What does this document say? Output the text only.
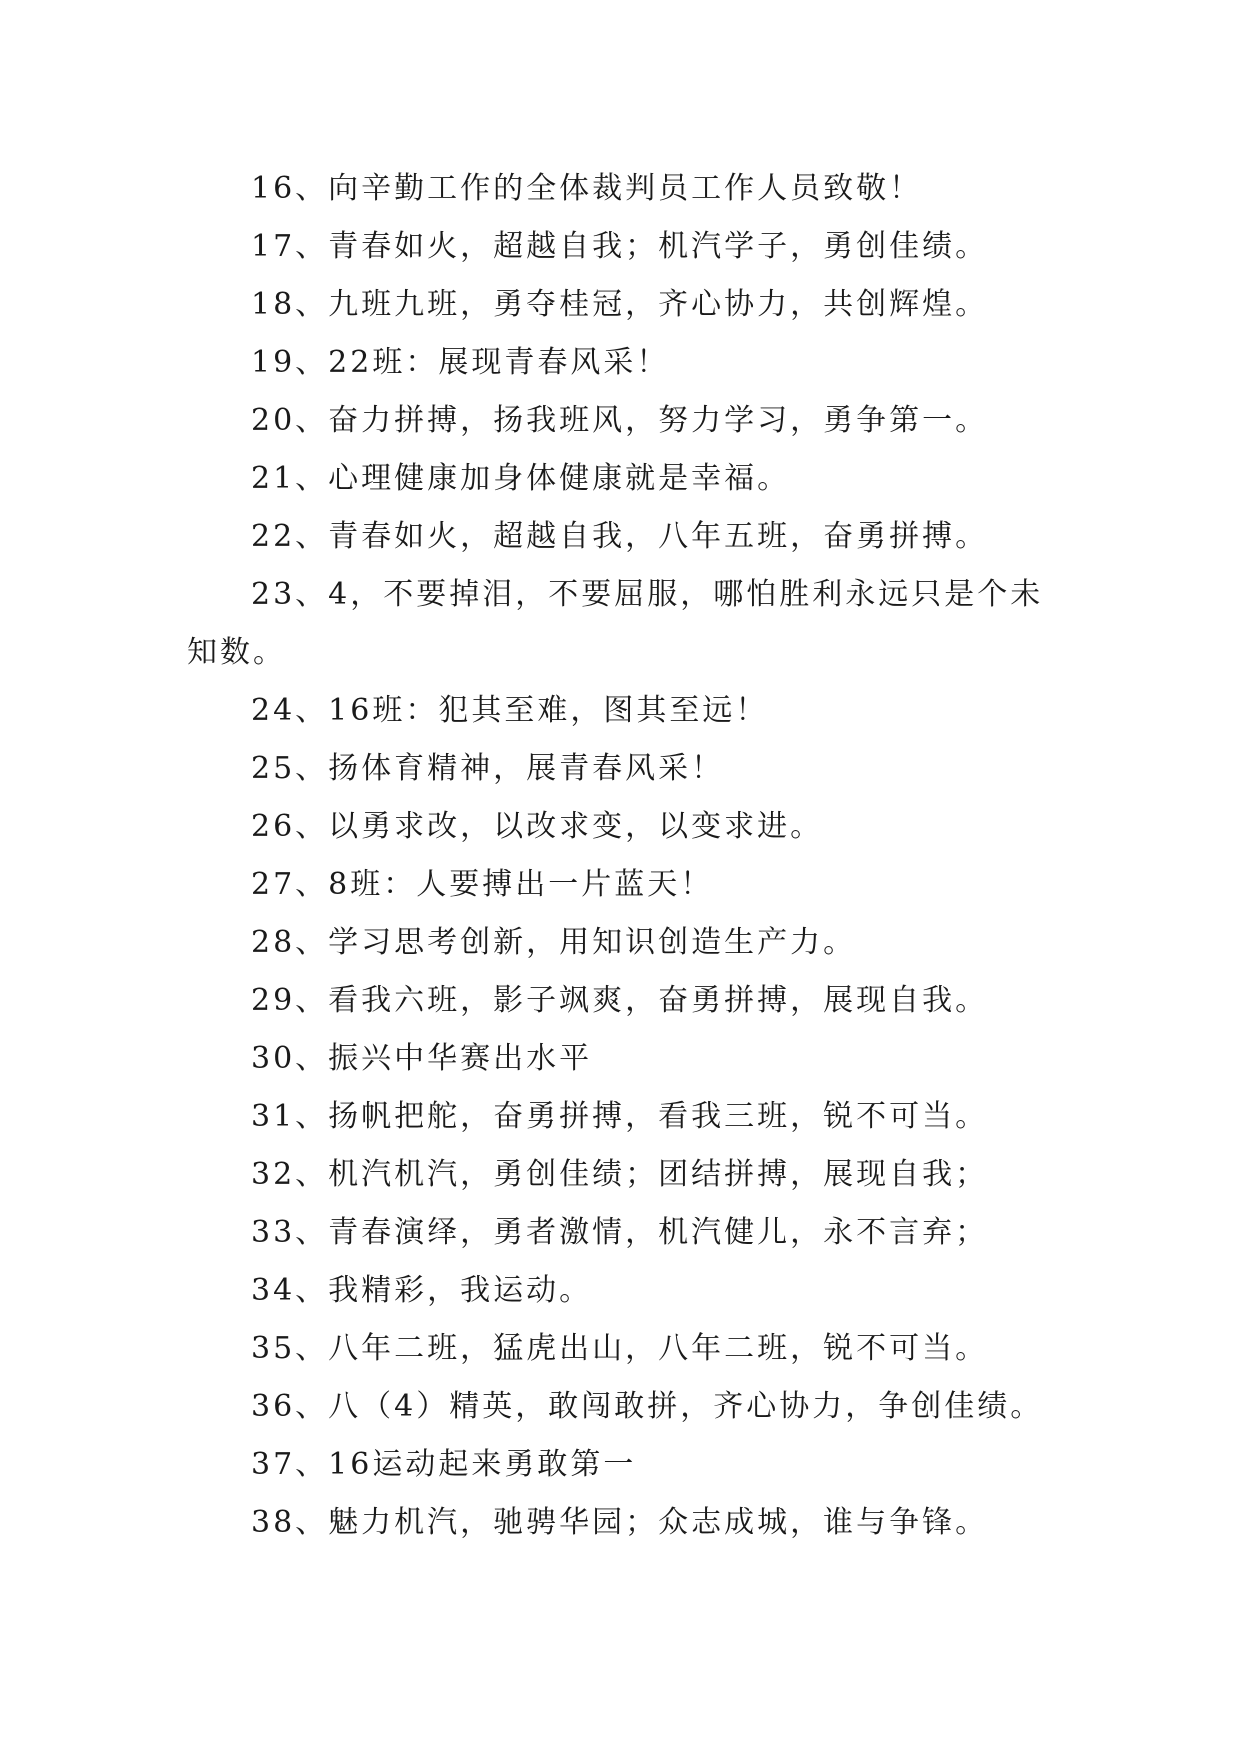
16、向辛勤工作的全体裁判员工作人员致敬！

17、青春如火，超越自我；机汽学子，勇创佳绩。

18、九班九班，勇夺桂冠，齐心协力，共创辉煌。

19、22班：展现青春风采！

20、奋力拼搏，扬我班风，努力学习，勇争第一。

21、心理健康加身体健康就是幸福。

22、青春如火，超越自我，八年五班，奋勇拼搏。

23、4，不要掉泪，不要屈服，哪怕胜利永远只是个未知数。

24、16班：犯其至难，图其至远！

25、扬体育精神，展青春风采！

26、以勇求改，以改求变，以变求进。

27、8班：人要搏出一片蓝天！

28、学习思考创新，用知识创造生产力。

29、看我六班，影子飒爽，奋勇拼搏，展现自我。

30、振兴中华赛出水平

31、扬帆把舵，奋勇拼搏，看我三班，锐不可当。

32、机汽机汽，勇创佳绩；团结拼搏，展现自我；

33、青春演绎，勇者激情，机汽健儿，永不言弃；

34、我精彩，我运动。

35、八年二班，猛虎出山，八年二班，锐不可当。

36、八（4）精英，敢闯敢拼，齐心协力，争创佳绩。

37、16运动起来勇敢第一

38、魅力机汽，驰骋华园；众志成城，谁与争锋。
